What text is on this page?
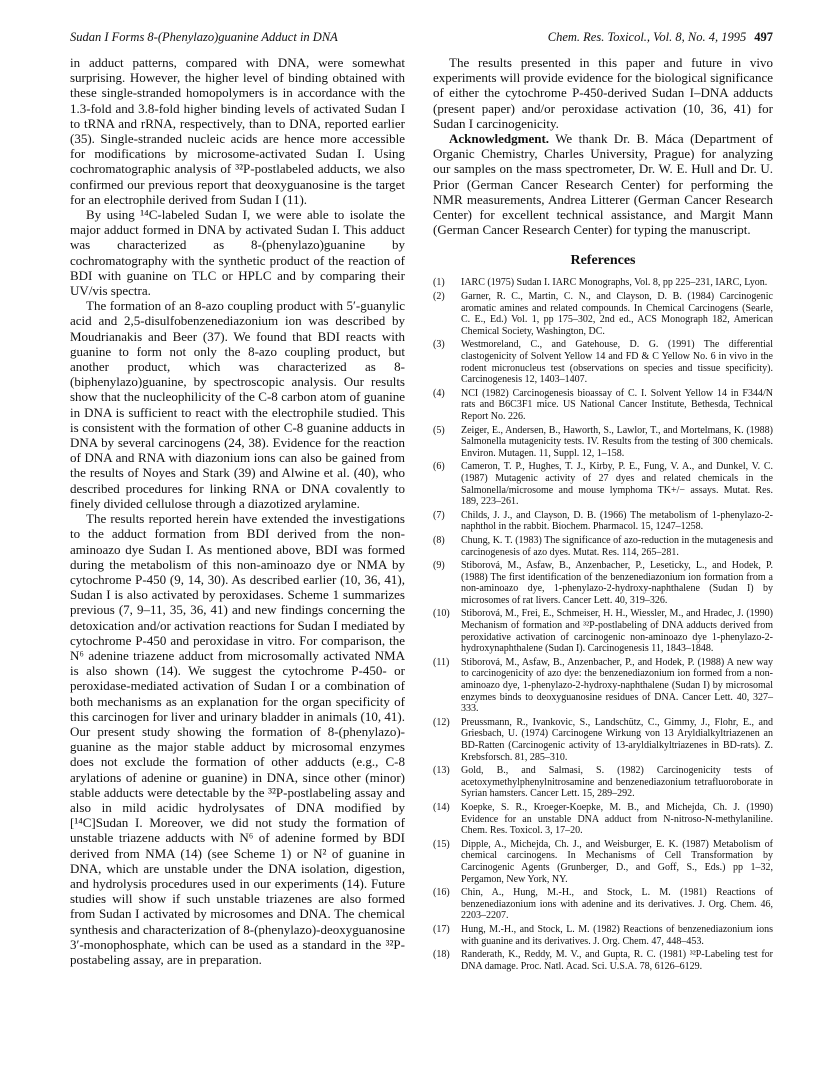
Sudan I Forms 8-(Phenylazo)guanine Adduct in DNA	Chem. Res. Toxicol., Vol. 8, No. 4, 1995 497

in adduct patterns, compared with DNA, were somewhat surprising. However, the higher level of binding obtained with these single-stranded homopolymers is in accordance with the 1.3-fold and 3.8-fold higher binding levels of activated Sudan I to tRNA and rRNA, respectively, than to DNA, reported earlier (35). Single-stranded nucleic acids are hence more accessible for modifications by microsome-activated Sudan I. Using cochromatographic analysis of ³²P-postlabeled adducts, we also confirmed our previous report that deoxyguanosine is the target for an electrophile derived from Sudan I (11).

By using ¹⁴C-labeled Sudan I, we were able to isolate the major adduct formed in DNA by activated Sudan I. This adduct was characterized as 8-(phenylazo)guanine by cochromatography with the synthetic product of the reaction of BDI with guanine on TLC or HPLC and by comparing their UV/vis spectra.

The formation of an 8-azo coupling product with 5′-guanylic acid and 2,5-disulfobenzenediazonium ion was described by Moudrianakis and Beer (37). We found that BDI reacts with guanine to form not only the 8-azo coupling product, but another product, which was characterized as 8-(biphenylazo)guanine, by spectroscopic analysis. Our results show that the nucleophilicity of the C-8 carbon atom of guanine in DNA is sufficient to react with the electrophile studied. This is consistent with the formation of other C-8 guanine adducts in DNA by several carcinogens (24, 38). Evidence for the reaction of DNA and RNA with diazonium ions can also be gained from the results of Noyes and Stark (39) and Alwine et al. (40), who described procedures for linking RNA or DNA covalently to finely divided cellulose through a diazotized arylamine.

The results reported herein have extended the investigations to the adduct formation from BDI derived from the non-aminoazo dye Sudan I. As mentioned above, BDI was formed during the metabolism of this non-aminoazo dye or NMA by cytochrome P-450 (9, 14, 30). As described earlier (10, 36, 41), Sudan I is also activated by peroxidases. Scheme 1 summarizes previous (7, 9–11, 35, 36, 41) and new findings concerning the detoxication and/or activation reactions for Sudan I mediated by cytochrome P-450 and peroxidase in vitro. For comparison, the N⁶ adenine triazene adduct from microsomally activated NMA is also shown (14). We suggest the cytochrome P-450- or peroxidase-mediated activation of Sudan I or a combination of both mechanisms as an explanation for the organ specificity of this carcinogen for liver and urinary bladder in animals (10, 41). Our present study showing the formation of 8-(phenylazo)-guanine as the major stable adduct by microsomal enzymes does not exclude the formation of other adducts (e.g., C-8 arylations of adenine or guanine) in DNA, since other (minor) stable adducts were detectable by the ³²P-postlabeling assay and also in mild acidic hydrolysates of DNA modified by [¹⁴C]Sudan I. Moreover, we did not study the formation of unstable triazene adducts with N⁶ of adenine formed by BDI derived from NMA (14) (see Scheme 1) or N² of guanine in DNA, which are unstable under the DNA isolation, digestion, and hydrolysis procedures used in our experiments (14). Future studies will show if such unstable triazenes are also formed from Sudan I activated by microsomes and DNA. The chemical synthesis and characterization of 8-(phenylazo)-deoxyguanosine 3′-monophosphate, which can be used as a standard in the ³²P-postabeling assay, are in preparation.

The results presented in this paper and future in vivo experiments will provide evidence for the biological significance of either the cytochrome P-450-derived Sudan I–DNA adducts (present paper) and/or peroxidase activation (10, 36, 41) for Sudan I carcinogenicity.

Acknowledgment. We thank Dr. B. Máca (Department of Organic Chemistry, Charles University, Prague) for analyzing our samples on the mass spectrometer, Dr. W. E. Hull and Dr. U. Prior (German Cancer Research Center) for performing the NMR measurements, Andrea Litterer (German Cancer Research Center) for excellent technical assistance, and Margit Mann (German Cancer Research Center) for typing the manuscript.

References
(1) IARC (1975) Sudan I. IARC Monographs, Vol. 8, pp 225–231, IARC, Lyon.
(2) Garner, R. C., Martin, C. N., and Clayson, D. B. (1984) Carcinogenic aromatic amines and related compounds. In Chemical Carcinogens (Searle, C. E., Ed.) Vol. 1, pp 175–302, 2nd ed., ACS Monograph 182, American Chemical Society, Washington, DC.
(3) Westmoreland, C., and Gatehouse, D. G. (1991) The differential clastogenicity of Solvent Yellow 14 and FD & C Yellow No. 6 in vivo in the rodent micronucleus test (observations on species and tissue specificity). Carcinogenesis 12, 1403–1407.
(4) NCI (1982) Carcinogenesis bioassay of C. I. Solvent Yellow 14 in F344/N rats and B6C3F1 mice. US National Cancer Institute, Bethesda, Technical Report No. 226.
(5) Zeiger, E., Andersen, B., Haworth, S., Lawlor, T., and Mortelmans, K. (1988) Salmonella mutagenicity tests. IV. Results from the testing of 300 chemicals. Environ. Mutagen. 11, Suppl. 12, 1–158.
(6) Cameron, T. P., Hughes, T. J., Kirby, P. E., Fung, V. A., and Dunkel, V. C. (1987) Mutagenic activity of 27 dyes and related chemicals in the Salmonella/microsome and mouse lymphoma TK+/− assays. Mutat. Res. 189, 223–261.
(7) Childs, J. J., and Clayson, D. B. (1966) The metabolism of 1-phenylazo-2-naphthol in the rabbit. Biochem. Pharmacol. 15, 1247–1258.
(8) Chung, K. T. (1983) The significance of azo-reduction in the mutagenesis and carcinogenesis of azo dyes. Mutat. Res. 114, 265–281.
(9) Stiborová, M., Asfaw, B., Anzenbacher, P., Leseticky, L., and Hodek, P. (1988) The first identification of the benzenediazonium ion formation from a non-aminoazo dye, 1-phenylazo-2-hydroxy-naphthalene (Sudan I) by microsomes of rat livers. Cancer Lett. 40, 319–326.
(10) Stiborová, M., Frei, E., Schmeiser, H. H., Wiessler, M., and Hradec, J. (1990) Mechanism of formation and ³²P-postlabeling of DNA adducts derived from peroxidative activation of carcinogenic non-aminoazo dye 1-phenylazo-2-hydroxynaphthalene (Sudan I). Carcinogenesis 11, 1843–1848.
(11) Stiborová, M., Asfaw, B., Anzenbacher, P., and Hodek, P. (1988) A new way to carcinogenicity of azo dye: the benzenediazonium ion formed from a non-aminoazo dye, 1-phenylazo-2-hydroxy-naphthalene (Sudan I) by microsomal enzymes binds to deoxyguanosine residues of DNA. Cancer Lett. 40, 327–333.
(12) Preussmann, R., Ivankovic, S., Landschütz, C., Gimmy, J., Flohr, E., and Griesbach, U. (1974) Carcinogene Wirkung von 13 Aryldialkyltriazenen an BD-Ratten (Carcinogenic activity of 13-aryldialkyltriazenes in BD-rats). Z. Krebsforsch. 81, 285–310.
(13) Gold, B., and Salmasi, S. (1982) Carcinogenicity tests of acetoxymethylphenylnitrosamine and benzenediazonium tetrafluoroborate in Syrian hamsters. Cancer Lett. 15, 289–292.
(14) Koepke, S. R., Kroeger-Koepke, M. B., and Michejda, Ch. J. (1990) Evidence for an unstable DNA adduct from N-nitroso-N-methylaniline. Chem. Res. Toxicol. 3, 17–20.
(15) Dipple, A., Michejda, Ch. J., and Weisburger, E. K. (1987) Metabolism of chemical carcinogens. In Mechanisms of Cell Transformation by Carcinogenic Agents (Grunberger, D., and Goff, S., Eds.) pp 1–32, Pergamon, New York, NY.
(16) Chin, A., Hung, M.-H., and Stock, L. M. (1981) Reactions of benzenediazonium ions with adenine and its derivatives. J. Org. Chem. 46, 2203–2207.
(17) Hung, M.-H., and Stock, L. M. (1982) Reactions of benzenediazonium ions with guanine and its derivatives. J. Org. Chem. 47, 448–453.
(18) Randerath, K., Reddy, M. V., and Gupta, R. C. (1981) ³²P-Labeling test for DNA damage. Proc. Natl. Acad. Sci. U.S.A. 78, 6126–6129.
